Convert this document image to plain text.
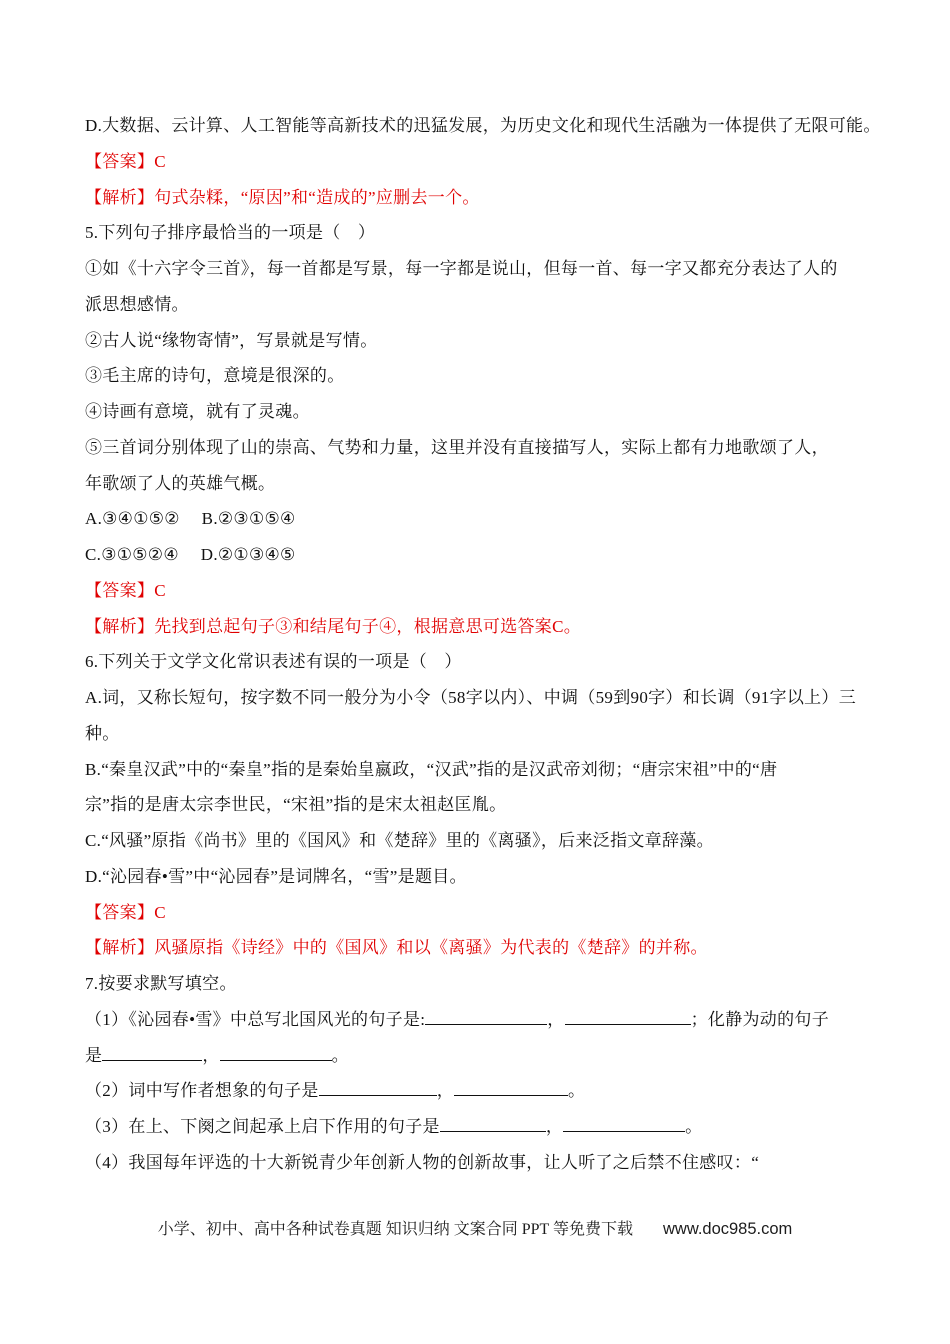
D.大数据、云计算、人工智能等高新技术的迅猛发展，为历史文化和现代生活融为一体提供了无限可能。
【答案】C
【解析】句式杂糅，“原因”和“造成的”应删去一个。
5.下列句子排序最恰当的一项是（　）
①如《十六字令三首》，每一首都是写景，每一字都是说山，但每一首、每一字又都充分表达了人的
派思想感情。
②古人说“缘物寄情”，写景就是写情。
③毛主席的诗句，意境是很深的。
④诗画有意境，就有了灵魂。
⑤三首词分别体现了山的崇高、气势和力量，这里并没有直接描写人，实际上都有力地歌颂了人，
年歌颂了人的英雄气概。
A.③④①⑤②　 B.②③①⑤④
C.③①⑤②④　 D.②①③④⑤
【答案】C
【解析】先找到总起句子③和结尾句子④，根据意思可选答案C。
6.下列关于文学文化常识表述有误的一项是（　）
A.词，又称长短句，按字数不同一般分为小令（58字以内）、中调（59到90字）和长调（91字以上）三
种。
B.“秦皇汉武”中的“秦皇”指的是秦始皇嬴政，“汉武”指的是汉武帝刘彻；“唐宗宋祖”中的“唐
宗”指的是唐太宗李世民，“宋祖”指的是宋太祖赵匡胤。
C.“风骚”原指《尚书》里的《国风》和《楚辞》里的《离骚》，后来泛指文章辞藻。
D.“沁园春•雪”中“沁园春”是词牌名，“雪”是题目。
【答案】C
【解析】风骚原指《诗经》中的《国风》和以《离骚》为代表的《楚辞》的并称。
7.按要求默写填空。
（1）《沁园春•雪》中总写北国风光的句子是:	，	；化静为动的句子
是	，	。
（2）词中写作者想象的句子是	，	。
（3）在上、下阕之间起承上启下作用的句子是	，	。
（4）我国每年评选的十大新锐青少年创新人物的创新故事，让人听了之后禁不住感叹：“
小学、初中、高中各种试卷真题 知识归纳 文案合同 PPT 等免费下载 www.doc985.com
